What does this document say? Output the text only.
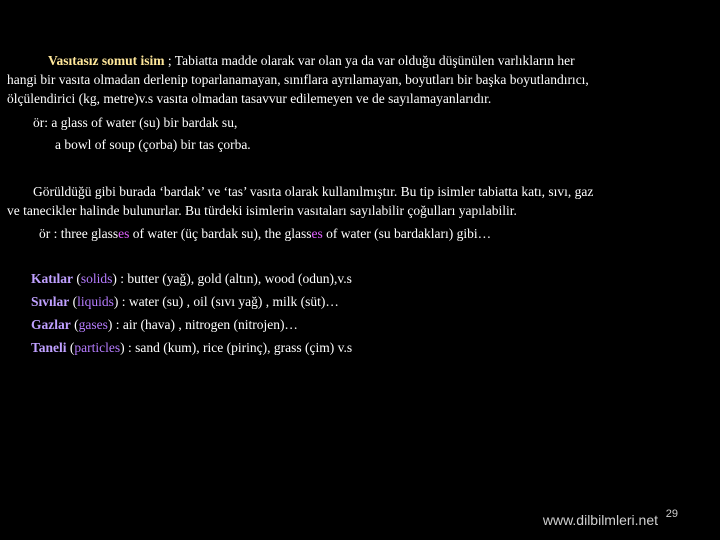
Vasıtasız somut isim ; Tabiatta madde olarak var olan ya da var olduğu düşünülen varlıkların her
hangi bir vasıta olmadan derlenip toparlanamayan, sınıflara ayrılamayan, boyutları bir başka boyutlandırıcı,
ölçülendirici (kg, metre)v.s vasıta olmadan tasavvur edilemeyen ve de sayılamayanlarıdır.
ör: a glass of water (su) bir bardak su,
a bowl of soup (çorba) bir tas çorba.
Görüldüğü gibi burada ‘bardak’ ve ‘tas’ vasıta olarak kullanılmıştır. Bu tip isimler tabiatta katı, sıvı, gaz
ve tanecikler halinde bulunurlar. Bu türdeki isimlerin vasıtaları sayılabilir çoğulları yapılabilir.
ör : three glasses of water (üç bardak su), the glasses of water (su bardakları) gibi…
Katılar (solids) : butter (yağ), gold (altın), wood (odun),v.s
Sıvılar (liquids) : water (su) , oil (sıvı yağ) , milk (süt)…
Gazlar (gases) : air (hava) , nitrogen (nitrojen)…
Taneli (particles) : sand (kum), rice (pirinç), grass (çim) v.s
www.dilbilmleri.net 29
